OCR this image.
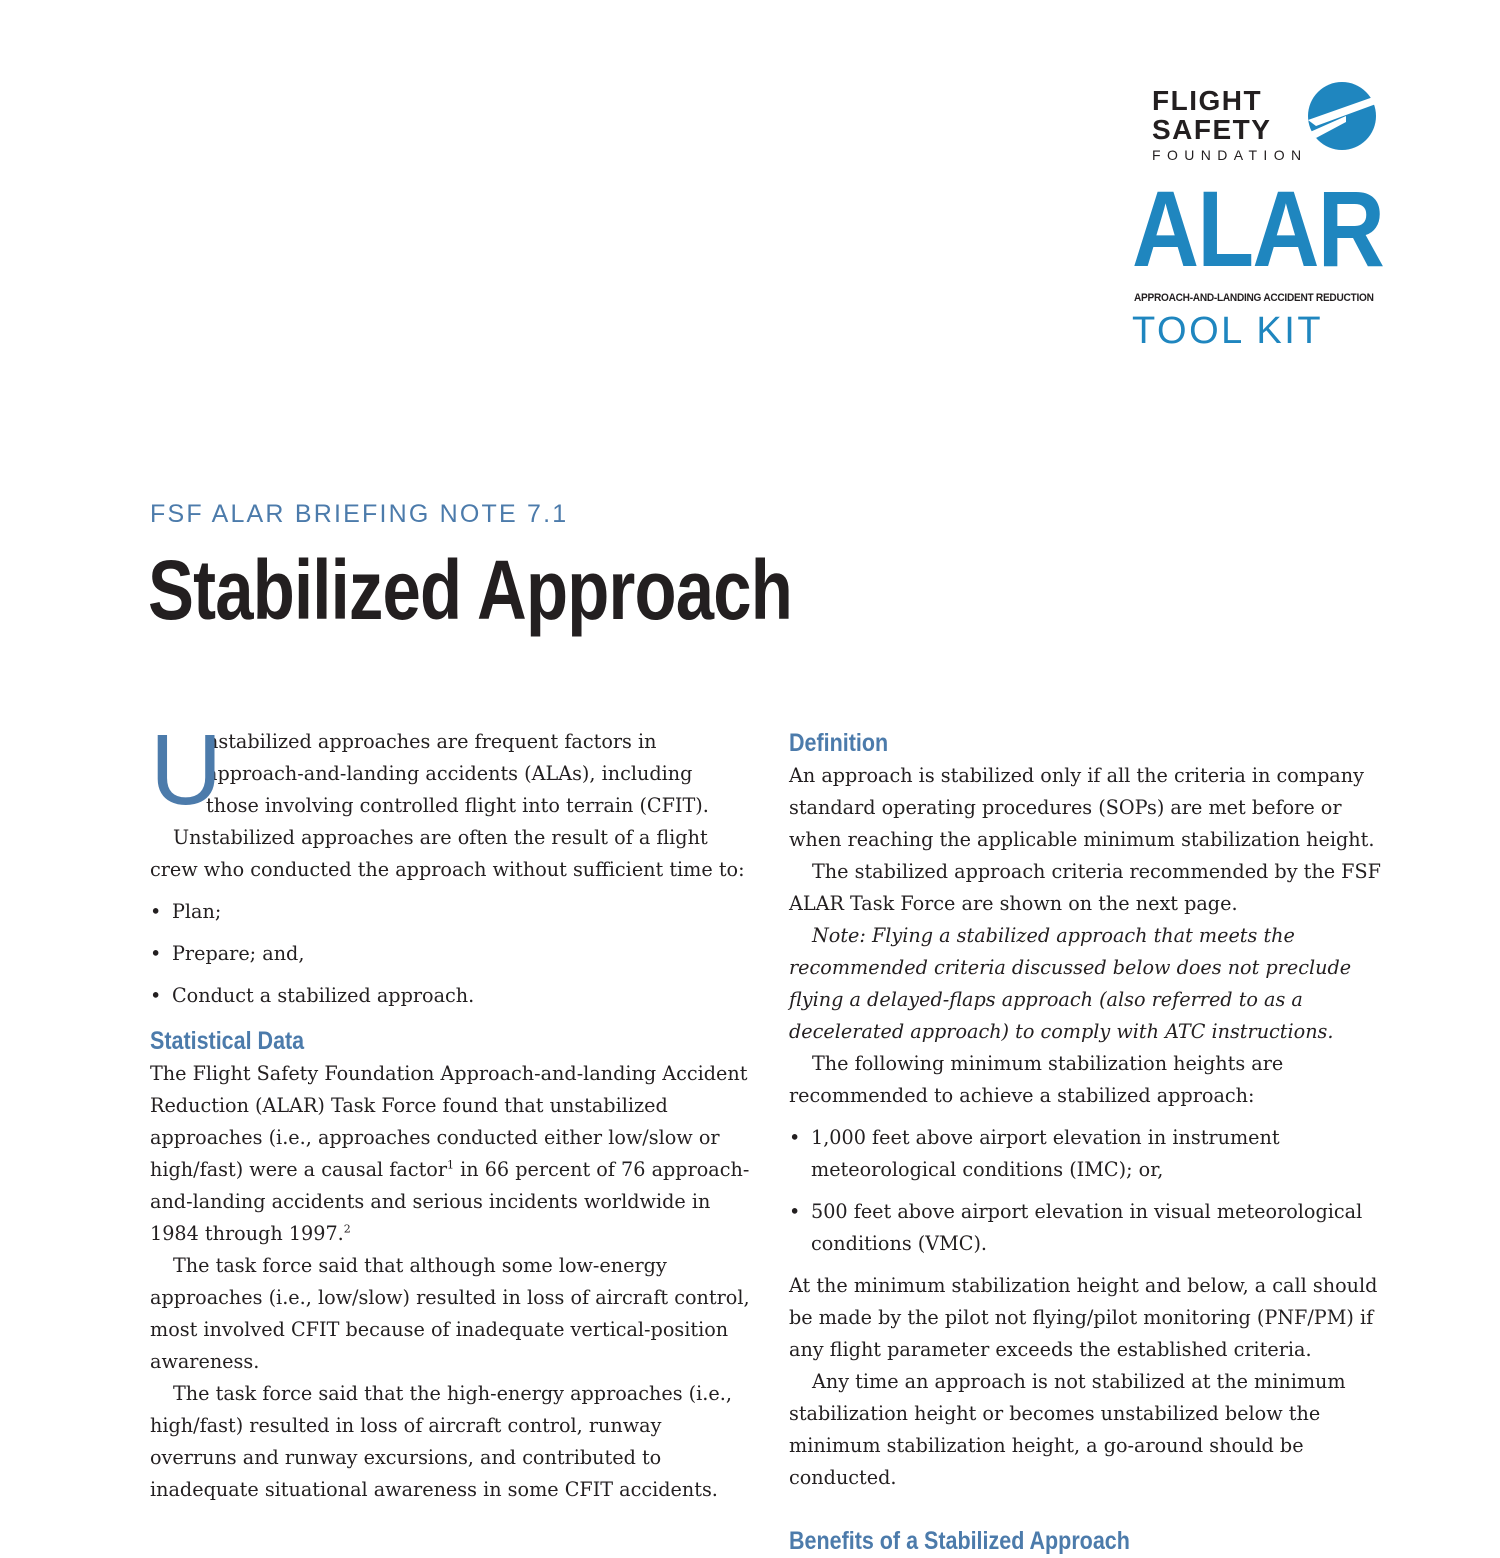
FLIGHT
SAFETY
FOUNDATION
ALAR
APPROACH-AND-LANDING ACCIDENT REDUCTION
TOOL KIT
FSF ALAR BRIEFING NOTE 7.1
Stabilized Approach
U

nstabilized approaches are frequent factors in approach-and-landing accidents (ALAs), including those involving controlled flight into terrain (CFIT).

Unstabilized approaches are often the result of a flight crew who conducted the approach without sufficient time to:

• Plan;
• Prepare; and,
• Conduct a stabilized approach.
Statistical Data

The Flight Safety Foundation Approach-and-landing Accident Reduction (ALAR) Task Force found that unstabilized approaches (i.e., approaches conducted either low/slow or high/fast) were a causal factor$^1$ in 66 percent of 76 approach-and-landing accidents and serious incidents worldwide in 1984 through 1997.$^2$

The task force said that although some low-energy approaches (i.e., low/slow) resulted in loss of aircraft control, most involved CFIT because of inadequate vertical-position awareness.

The task force said that the high-energy approaches (i.e., high/fast) resulted in loss of aircraft control, runway overruns and runway excursions, and contributed to inadequate situational awareness in some CFIT accidents.

Definition

An approach is stabilized only if all the criteria in company standard operating procedures (SOPs) are met before or when reaching the applicable minimum stabilization height.

The stabilized approach criteria recommended by the FSF ALAR Task Force are shown on the next page.

Note: Flying a stabilized approach that meets the recommended criteria discussed below does not preclude flying a delayed-flaps approach (also referred to as a decelerated approach) to comply with ATC instructions.

The following minimum stabilization heights are recommended to achieve a stabilized approach:

• 1,000 feet above airport elevation in instrument meteorological conditions (IMC); or,
• 500 feet above airport elevation in visual meteorological conditions (VMC).

At the minimum stabilization height and below, a call should be made by the pilot not flying/pilot monitoring (PNF/PM) if any flight parameter exceeds the established criteria.

Any time an approach is not stabilized at the minimum stabilization height or becomes unstabilized below the minimum stabilization height, a go-around should be conducted.

Benefits of a Stabilized Approach
